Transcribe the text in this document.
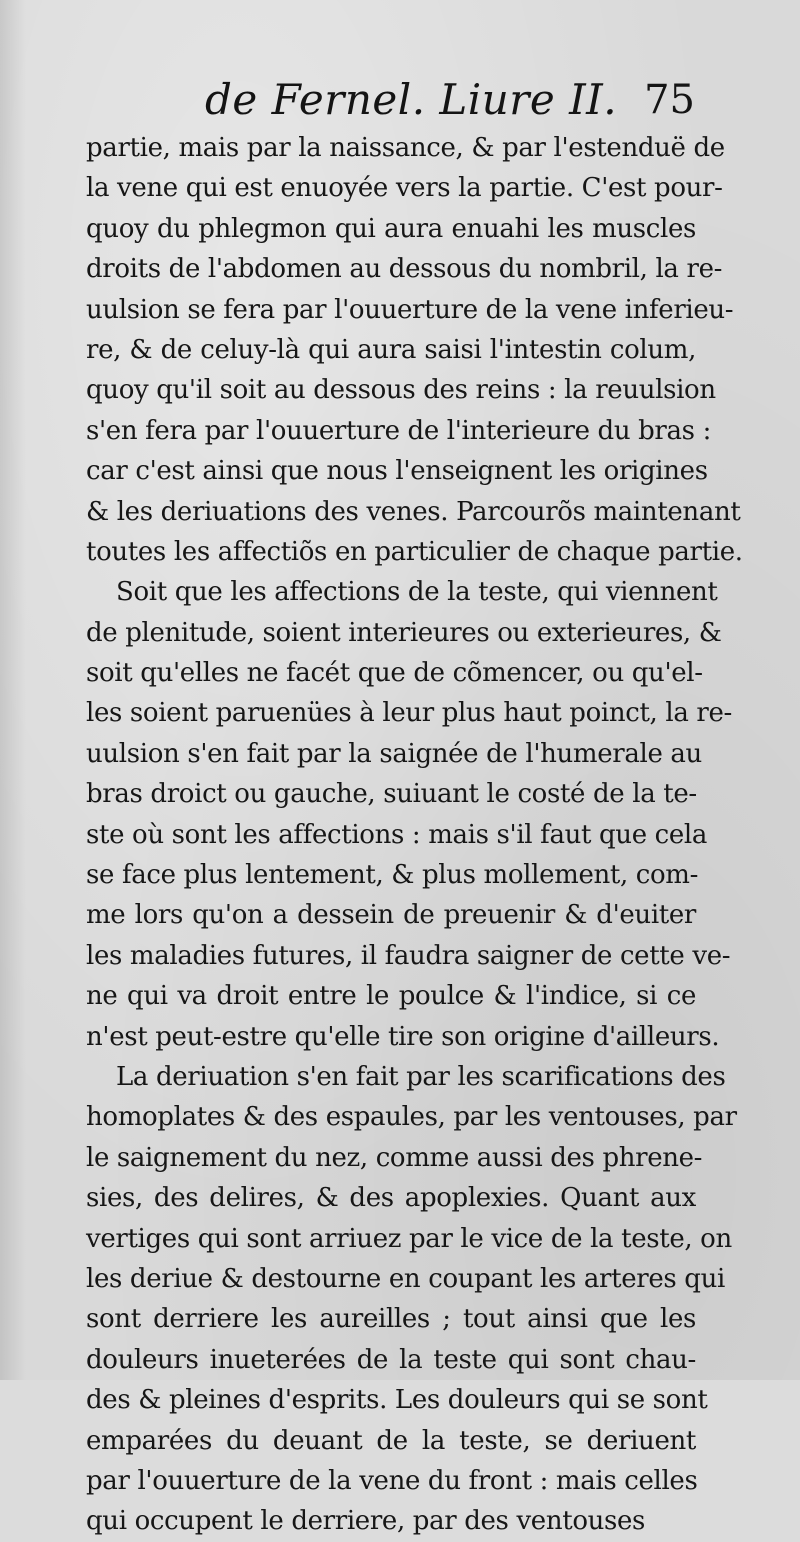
de Fernel. Liure II. 75
partie, mais par la naissance, & par l'estenduë de
la vene qui est enuoyée vers la partie. C'est pour-
quoy du phlegmon qui aura enuahi les muscles
droits de l'abdomen au dessous du nombril, la re-
uulsion se fera par l'ouuerture de la vene inferieu-
re, & de celuy-là qui aura saisi l'intestin colum,
quoy qu'il soit au dessous des reins : la reuulsion
s'en fera par l'ouuerture de l'interieure du bras :
car c'est ainsi que nous l'enseignent les origines
& les deriuations des venes. Parcourõs maintenant
toutes les affectiõs en particulier de chaque partie.
Soit que les affections de la teste, qui viennent
de plenitude, soient interieures ou exterieures, &
soit qu'elles ne facét que de cõmencer, ou qu'el-
les soient paruenües à leur plus haut poinct, la re-
uulsion s'en fait par la saignée de l'humerale au
bras droict ou gauche, suiuant le costé de la te-
ste où sont les affections : mais s'il faut que cela
se face plus lentement, & plus mollement, com-
me lors qu'on a dessein de preuenir & d'euiter
les maladies futures, il faudra saigner de cette ve-
ne qui va droit entre le poulce & l'indice, si ce
n'est peut-estre qu'elle tire son origine d'ailleurs.
La deriuation s'en fait par les scarifications des
homoplates & des espaules, par les ventouses, par
le saignement du nez, comme aussi des phrene-
sies, des delires, & des apoplexies. Quant aux
vertiges qui sont arriuez par le vice de la teste, on
les deriue & destourne en coupant les arteres qui
sont derriere les aureilles ; tout ainsi que les
douleurs inueterées de la teste qui sont chau-
des & pleines d'esprits. Les douleurs qui se sont
emparées du deuant de la teste, se deriuent
par l'ouuerture de la vene du front : mais celles
qui occupent le derriere, par des ventouses
